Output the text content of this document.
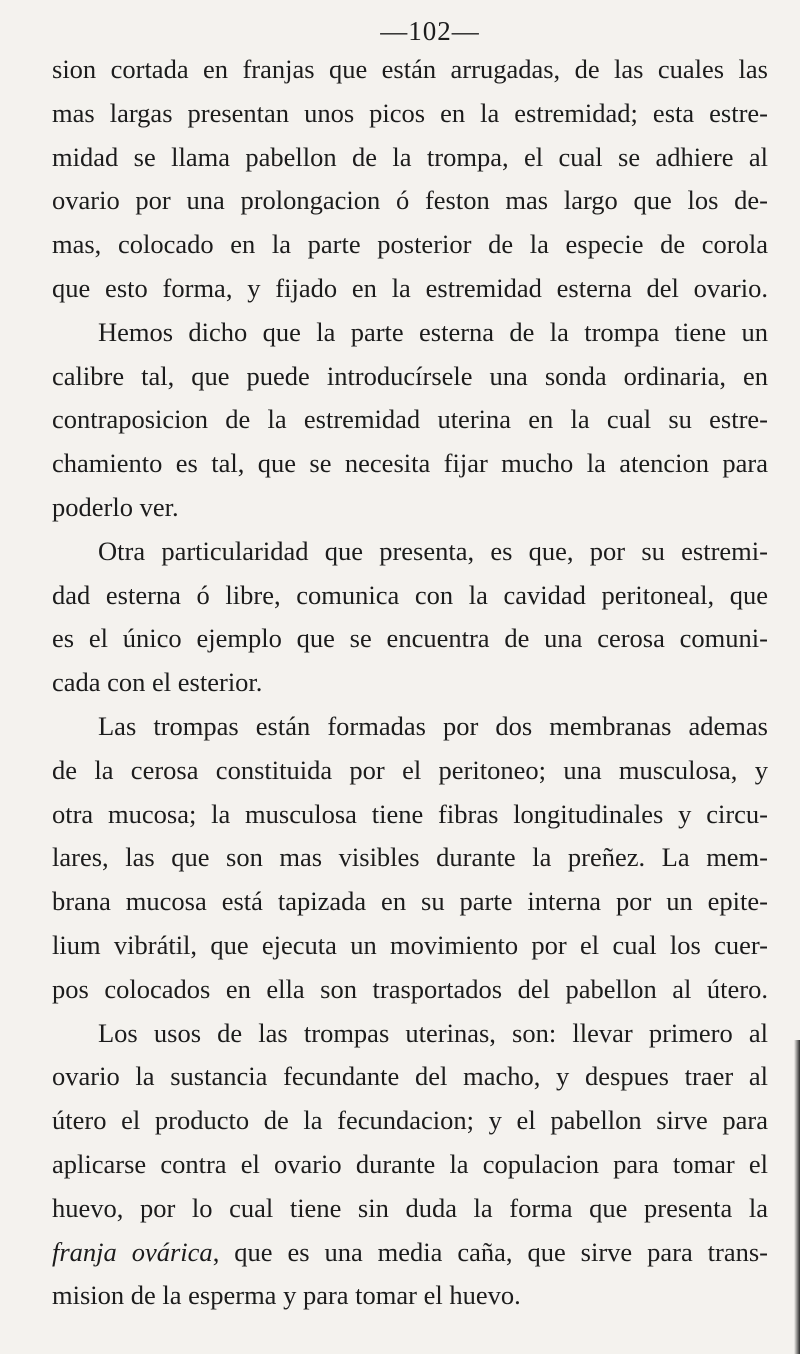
—102—
sion cortada en franjas que están arrugadas, de las cuales las
mas largas presentan unos picos en la estremidad; esta estre-
midad se llama pabellon de la trompa, el cual se adhiere al
ovario por una prolongacion ó feston mas largo que los de-
mas, colocado en la parte posterior de la especie de corola
que esto forma, y fijado en la estremidad esterna del ovario.
Hemos dicho que la parte esterna de la trompa tiene un
calibre tal, que puede introducírsele una sonda ordinaria, en
contraposicion de la estremidad uterina en la cual su estre-
chamiento es tal, que se necesita fijar mucho la atencion para
poderlo ver.
Otra particularidad que presenta, es que, por su estremi-
dad esterna ó libre, comunica con la cavidad peritoneal, que
es el único ejemplo que se encuentra de una cerosa comuni-
cada con el esterior.
Las trompas están formadas por dos membranas ademas
de la cerosa constituida por el peritoneo; una musculosa, y
otra mucosa; la musculosa tiene fibras longitudinales y circu-
lares, las que son mas visibles durante la preñez. La mem-
brana mucosa está tapizada en su parte interna por un epite-
lium vibrátil, que ejecuta un movimiento por el cual los cuer-
pos colocados en ella son trasportados del pabellon al útero.
Los usos de las trompas uterinas, son: llevar primero al
ovario la sustancia fecundante del macho, y despues traer al
útero el producto de la fecundacion; y el pabellon sirve para
aplicarse contra el ovario durante la copulacion para tomar el
huevo, por lo cual tiene sin duda la forma que presenta la
franja ovárica, que es una media caña, que sirve para trans-
mision de la esperma y para tomar el huevo.
